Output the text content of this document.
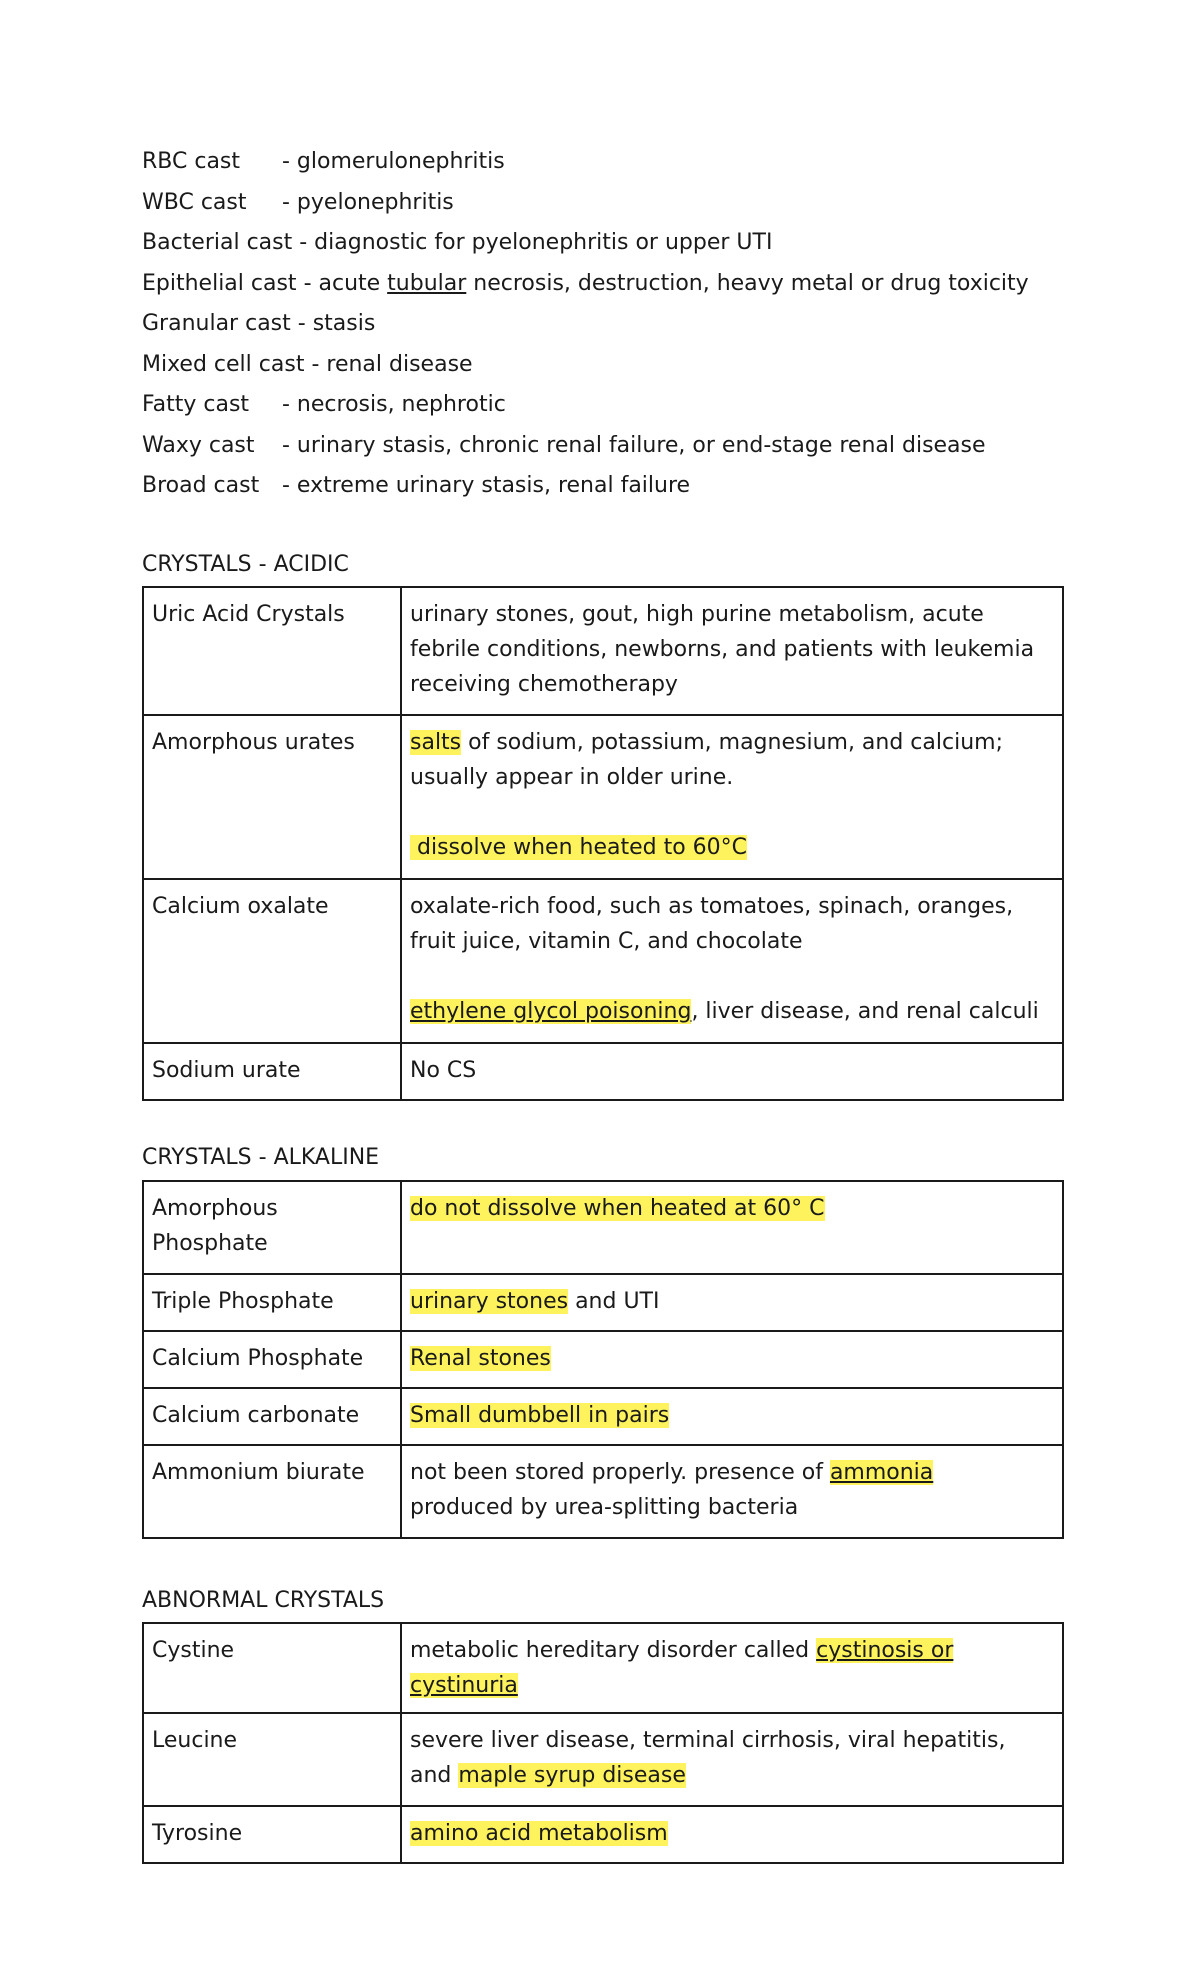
RBC cast - glomerulonephritis
WBC cast - pyelonephritis
Bacterial cast - diagnostic for pyelonephritis or upper UTI
Epithelial cast - acute tubular necrosis, destruction, heavy metal or drug toxicity
Granular cast - stasis
Mixed cell cast - renal disease
Fatty cast - necrosis, nephrotic
Waxy cast - urinary stasis, chronic renal failure, or end-stage renal disease
Broad cast - extreme urinary stasis, renal failure
CRYSTALS - ACIDIC
Uric Acid Crystals	urinary stones, gout, high purine metabolism, acute febrile conditions, newborns, and patients with leukemia receiving chemotherapy
Amorphous urates	salts of sodium, potassium, magnesium, and calcium; usually appear in older urine.
dissolve when heated to 60°C
Calcium oxalate	oxalate-rich food, such as tomatoes, spinach, oranges, fruit juice, vitamin C, and chocolate
ethylene glycol poisoning, liver disease, and renal calculi
Sodium urate	No CS
CRYSTALS - ALKALINE
Amorphous Phosphate	do not dissolve when heated at 60° C
Triple Phosphate	urinary stones and UTI
Calcium Phosphate	Renal stones
Calcium carbonate	Small dumbbell in pairs
Ammonium biurate	not been stored properly. presence of ammonia produced by urea-splitting bacteria
ABNORMAL CRYSTALS
Cystine	metabolic hereditary disorder called cystinosis or cystinuria
Leucine	severe liver disease, terminal cirrhosis, viral hepatitis, and maple syrup disease
Tyrosine	amino acid metabolism
